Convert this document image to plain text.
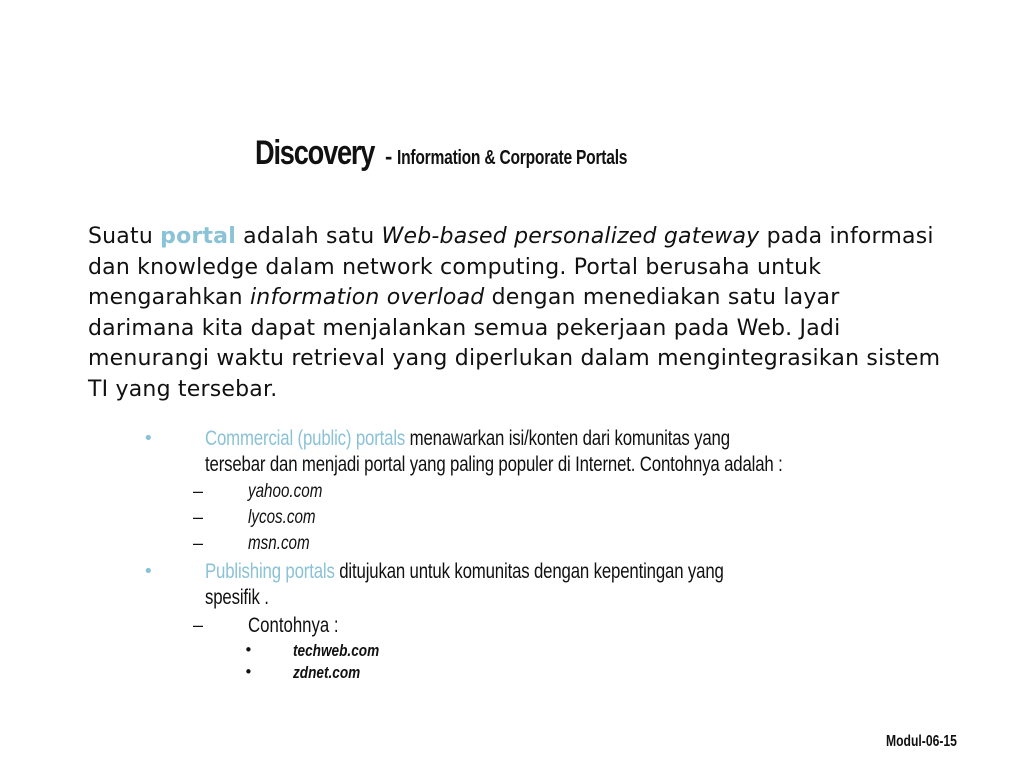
Discovery - Information & Corporate Portals
Suatu portal adalah satu Web-based personalized gateway pada informasi dan knowledge dalam network computing. Portal berusaha untuk mengarahkan information overload dengan menediakan satu layar darimana kita dapat menjalankan semua pekerjaan pada Web. Jadi menurangi waktu retrieval yang diperlukan dalam mengintegrasikan sistem TI yang tersebar.
• Commercial (public) portals menawarkan isi/konten dari komunitas yang
tersebar dan menjadi portal yang paling populer di Internet. Contohnya adalah :
– yahoo.com
– lycos.com
– msn.com
• Publishing portals ditujukan untuk komunitas dengan kepentingan yang
spesifik .
– Contohnya :
• techweb.com
• zdnet.com
Modul-06-15
